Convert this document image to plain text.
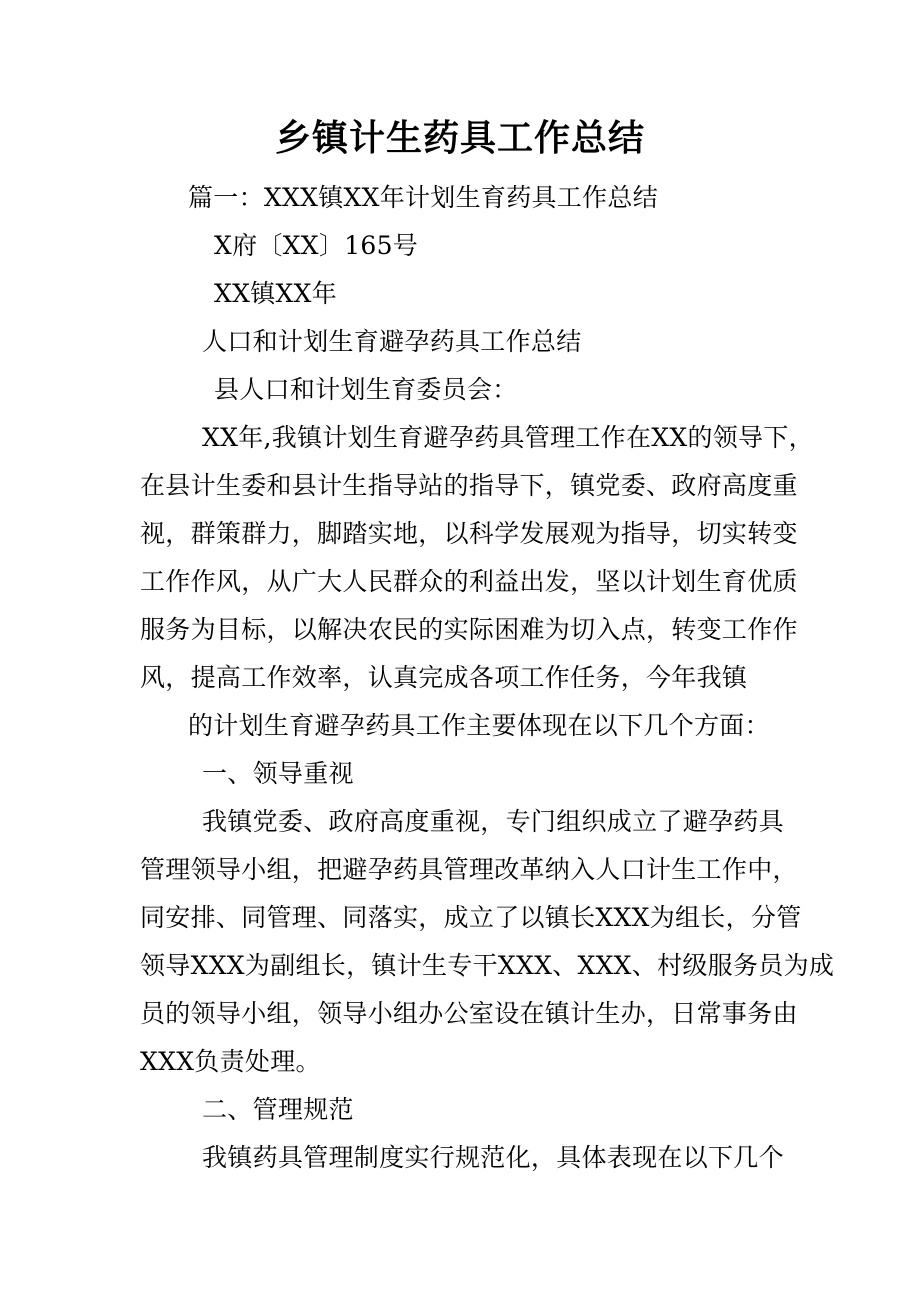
乡镇计生药具工作总结
篇一：XXX镇XX年计划生育药具工作总结
X府〔XX〕165号
XX镇XX年
人口和计划生育避孕药具工作总结
县人口和计划生育委员会：
XX年,我镇计划生育避孕药具管理工作在XX的领导下，
在县计生委和县计生指导站的指导下，镇党委、政府高度重
视，群策群力，脚踏实地，以科学发展观为指导，切实转变
工作作风，从广大人民群众的利益出发，坚以计划生育优质
服务为目标，以解决农民的实际困难为切入点，转变工作作
风，提高工作效率，认真完成各项工作任务，今年我镇
的计划生育避孕药具工作主要体现在以下几个方面：
一、领导重视
我镇党委、政府高度重视，专门组织成立了避孕药具
管理领导小组，把避孕药具管理改革纳入人口计生工作中，
同安排、同管理、同落实，成立了以镇长XXX为组长，分管
领导XXX为副组长，镇计生专干XXX、XXX、村级服务员为成
员的领导小组，领导小组办公室设在镇计生办，日常事务由
XXX负责处理。
二、管理规范
我镇药具管理制度实行规范化，具体表现在以下几个
